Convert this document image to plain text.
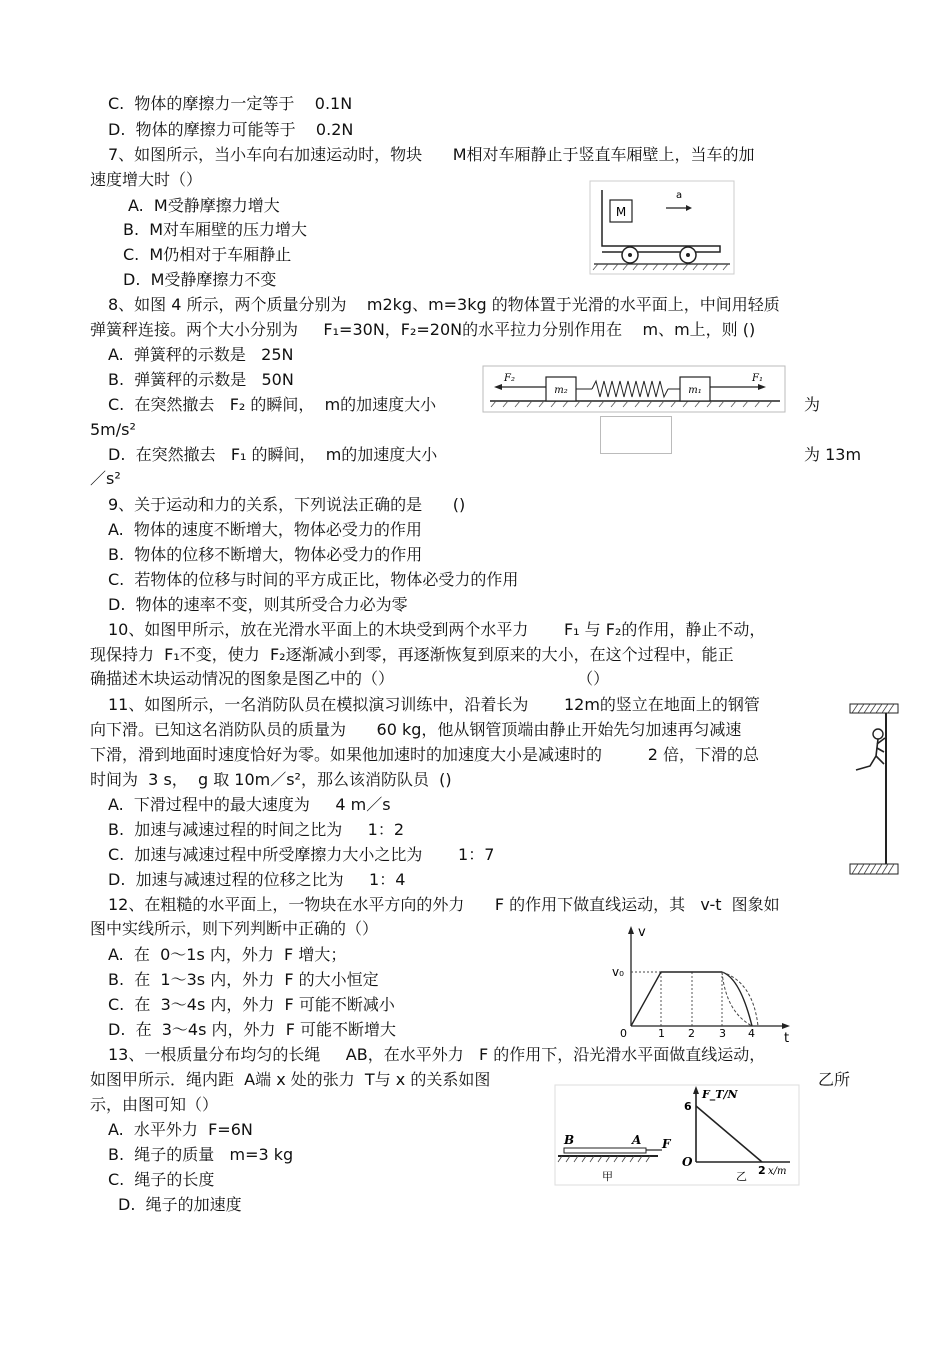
C.  物体的摩擦力一定等于    0.1N
D.  物体的摩擦力可能等于    0.2N
7、如图所示，当小车向右加速运动时，物块      M相对车厢静止于竖直车厢壁上，当车的加
速度增大时（）
A.  M受静摩擦力增大
B.  M对车厢壁的压力增大
C.  M仍相对于车厢静止
D.  M受静摩擦力不变
8、如图 4 所示，两个质量分别为    m2kg、m=3kg 的物体置于光滑的水平面上，中间用轻质
弹簧秤连接。两个大小分别为     F₁=30N，F₂=20N的水平拉力分别作用在    m、m上，则 ()
A.  弹簧秤的示数是   25N
B.  弹簧秤的示数是   50N
C.  在突然撤去   F₂ 的瞬间，  m的加速度大小	为
5m/s²
D.  在突然撤去   F₁ 的瞬间，  m的加速度大小	为 13m
／s²
9、关于运动和力的关系，下列说法正确的是      ()
A.  物体的速度不断增大，物体必受力的作用
B.  物体的位移不断增大，物体必受力的作用
C.  若物体的位移与时间的平方成正比，物体必受力的作用
D.  物体的速率不变，则其所受合力必为零
10、如图甲所示，放在光滑水平面上的木块受到两个水平力       F₁ 与 F₂的作用，静止不动，
现保持力  F₁不变，使力  F₂逐渐减小到零，再逐渐恢复到原来的大小，在这个过程中，能正
确描述木块运动情况的图象是图乙中的（）                                    （）
11、如图所示，一名消防队员在模拟演习训练中，沿着长为       12m的竖立在地面上的钢管
向下滑。已知这名消防队员的质量为      60 kg，他从钢管顶端由静止开始先匀加速再匀减速
下滑，滑到地面时速度恰好为零。如果他加速时的加速度大小是减速时的         2 倍，下滑的总
时间为  3 s，  g 取 10m／s²，那么该消防队员  ()
A.  下滑过程中的最大速度为     4 m／s
B.  加速与减速过程的时间之比为     1：2
C.  加速与减速过程中所受摩擦力大小之比为       1：7
D.  加速与减速过程的位移之比为     1：4
12、在粗糙的水平面上，一物块在水平方向的外力      F 的作用下做直线运动，其   v-t  图象如
图中实线所示，则下列判断中正确的（）
A.  在  0～1s 内，外力  F 增大；
B.  在  1～3s 内，外力  F 的大小恒定
C.  在  3～4s 内，外力  F 可能不断减小
D.  在  3～4s 内，外力  F 可能不断增大
13、一根质量分布均匀的长绳     AB，在水平外力   F 的作用下，沿光滑水平面做直线运动，
如图甲所示．绳内距  A端 x 处的张力  T与 x 的关系如图	乙所
示，由图可知（）
A.  水平外力  F=6N
B.  绳子的质量   m=3 kg
C.  绳子的长度
D.  绳子的加速度
M
a
F₂
m₂	m₁
F₁
v
v₀
t
0	1 2 3 4
B	A F
甲
F_T/N
6
O
2 x/m
乙
